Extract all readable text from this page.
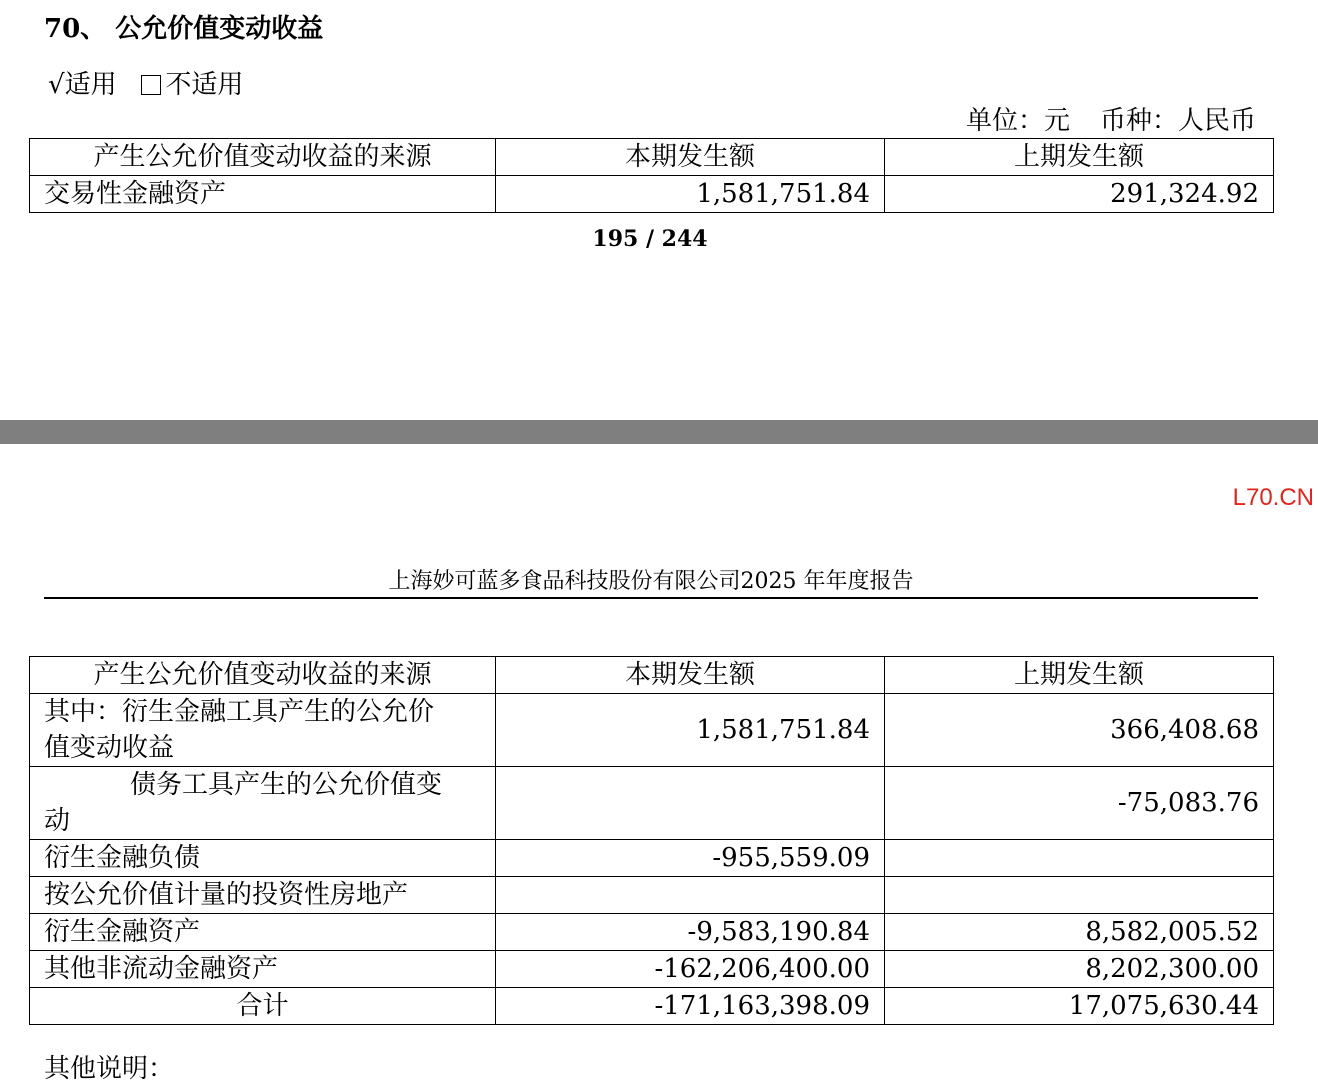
70、 公允价值变动收益
√适用 不适用
单位：元 币种：人民币
产生公允价值变动收益的来源	本期发生额	上期发生额
交易性金融资产	1,581,751.84	291,324.92
195 / 244
L70.CN
上海妙可蓝多食品科技股份有限公司2025 年年度报告
产生公允价值变动收益的来源	本期发生额	上期发生额
其中：衍生金融工具产生的公允价
值变动收益	1,581,751.84	366,408.68
债务工具产生的公允价值变
动		-75,083.76
衍生金融负债	-955,559.09	
按公允价值计量的投资性房地产		
衍生金融资产	-9,583,190.84	8,582,005.52
其他非流动金融资产	-162,206,400.00	8,202,300.00
合计	-171,163,398.09	17,075,630.44
其他说明：
